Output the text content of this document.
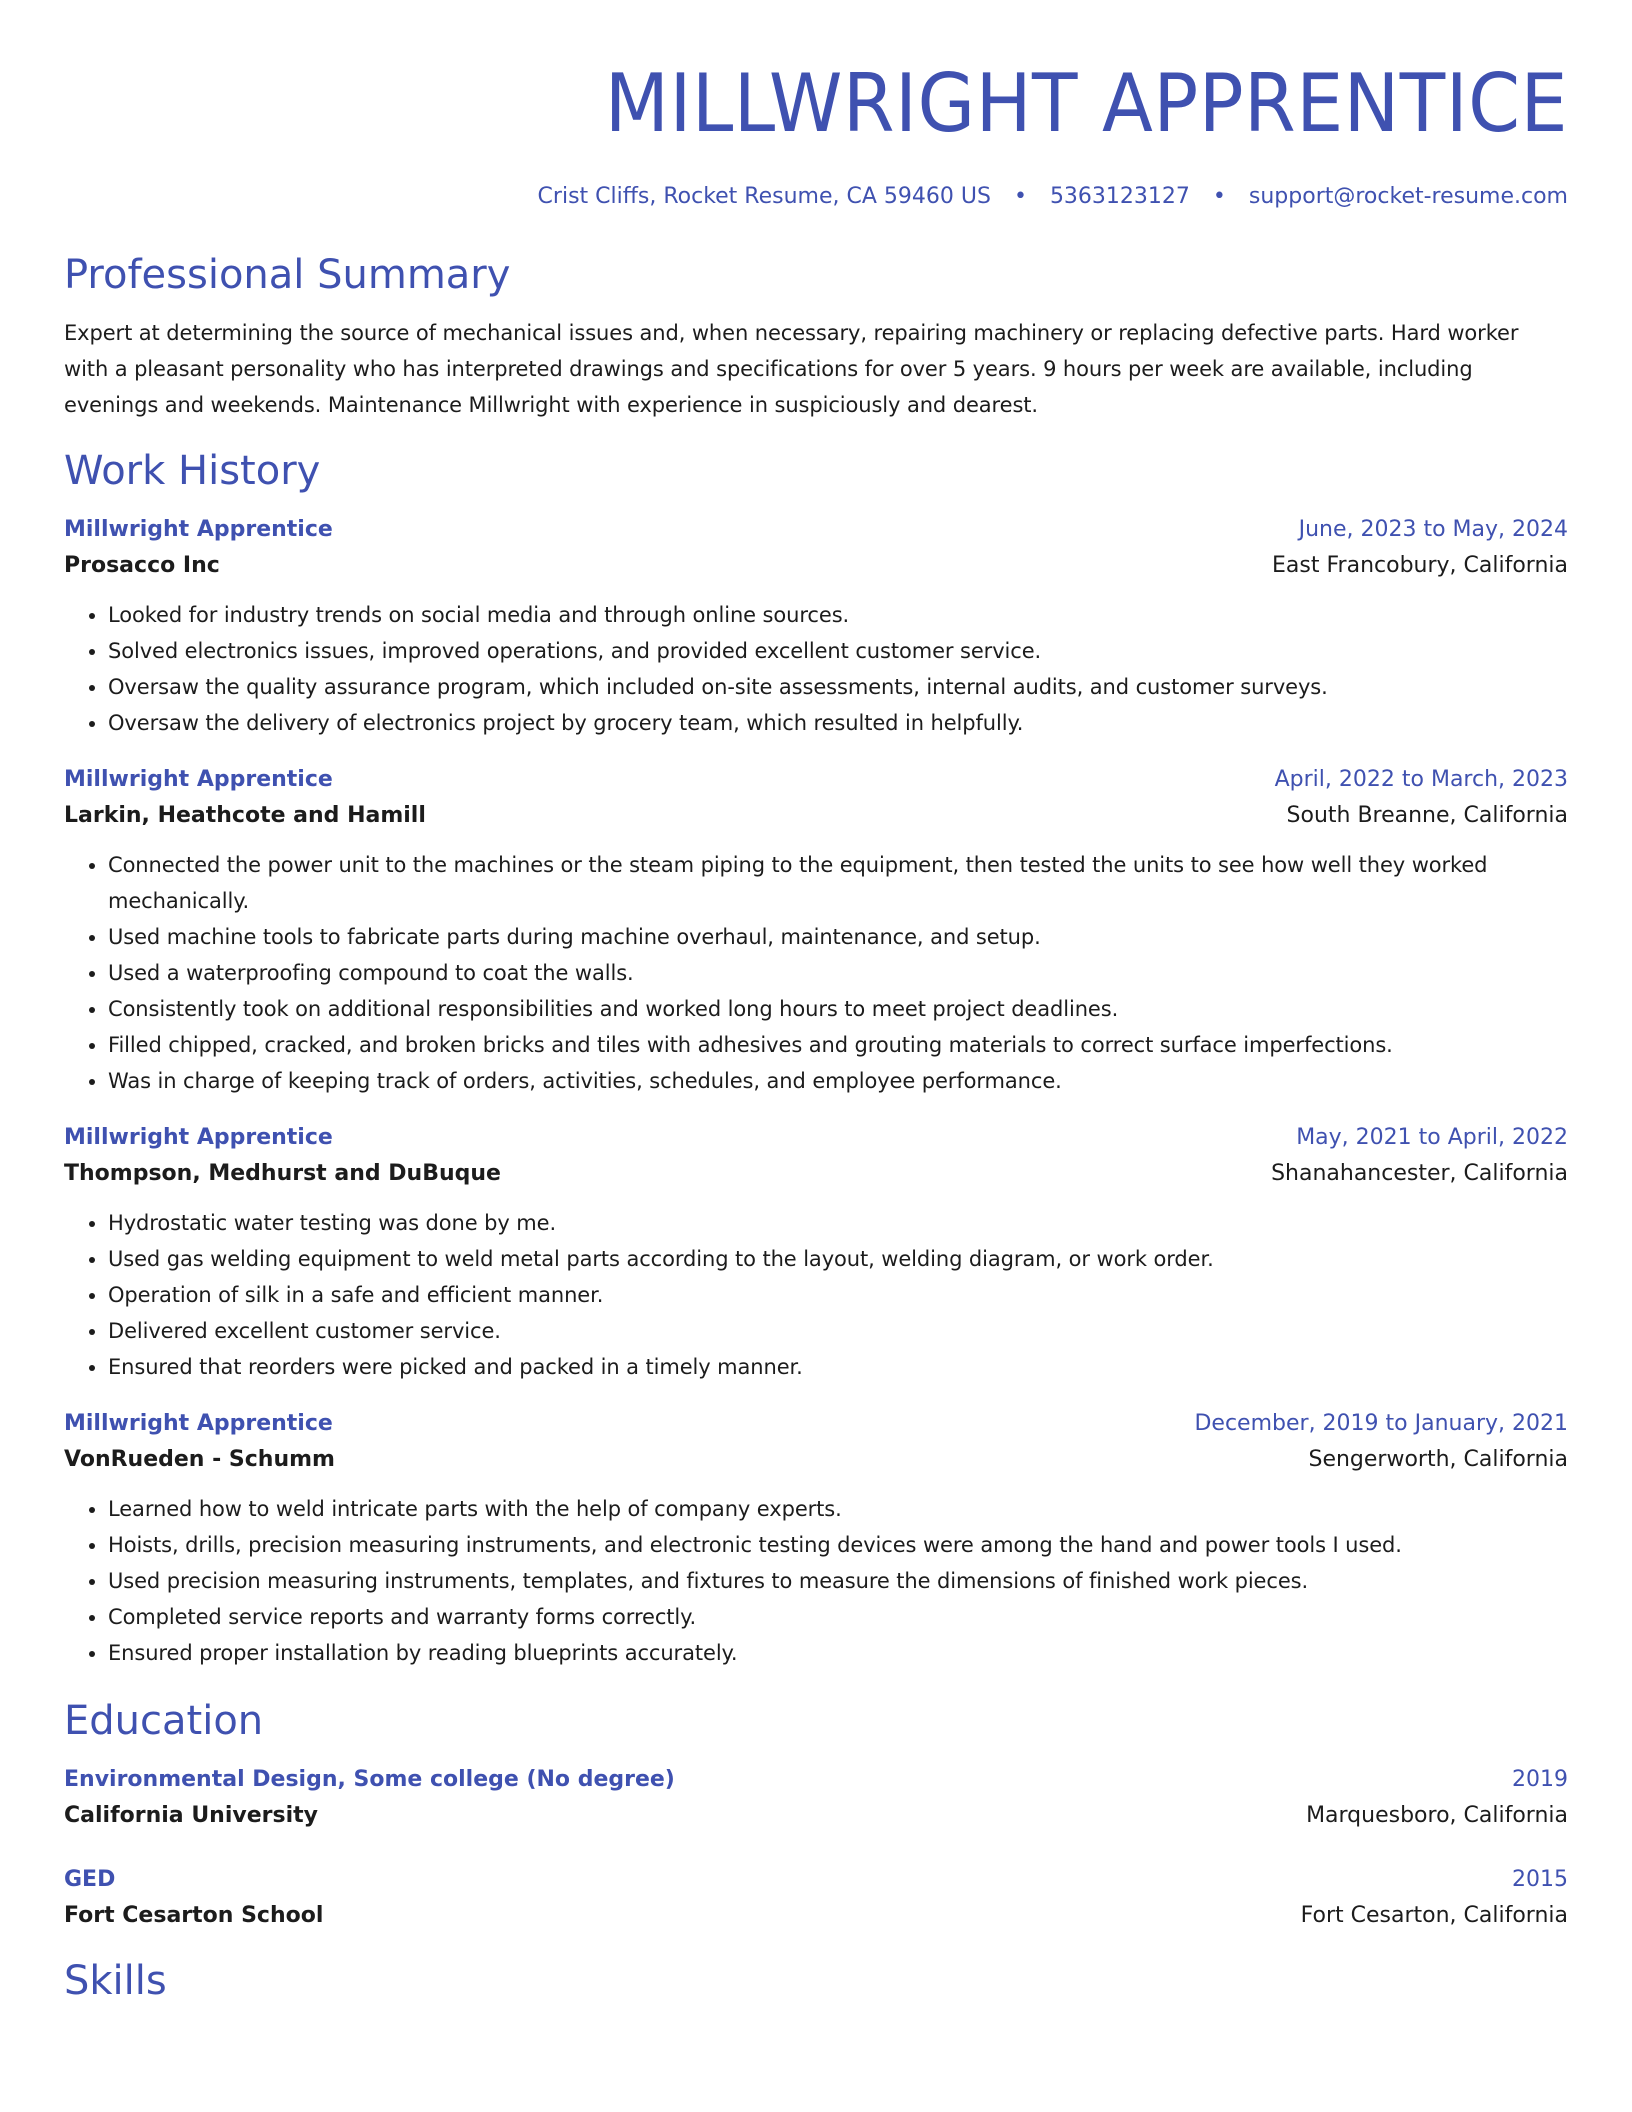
MILLWRIGHT APPRENTICE
Crist Cliffs, Rocket Resume, CA 59460 US • 5363123127 • support@rocket-resume.com
Professional Summary
Expert at determining the source of mechanical issues and, when necessary, repairing machinery or replacing defective parts. Hard worker with a pleasant personality who has interpreted drawings and specifications for over 5 years. 9 hours per week are available, including evenings and weekends. Maintenance Millwright with experience in suspiciously and dearest.
Work History
Millwright Apprentice	June, 2023 to May, 2024
Prosacco Inc	East Francobury, California
• Looked for industry trends on social media and through online sources.
• Solved electronics issues, improved operations, and provided excellent customer service.
• Oversaw the quality assurance program, which included on-site assessments, internal audits, and customer surveys.
• Oversaw the delivery of electronics project by grocery team, which resulted in helpfully.
Millwright Apprentice	April, 2022 to March, 2023
Larkin, Heathcote and Hamill	South Breanne, California
• Connected the power unit to the machines or the steam piping to the equipment, then tested the units to see how well they worked mechanically.
• Used machine tools to fabricate parts during machine overhaul, maintenance, and setup.
• Used a waterproofing compound to coat the walls.
• Consistently took on additional responsibilities and worked long hours to meet project deadlines.
• Filled chipped, cracked, and broken bricks and tiles with adhesives and grouting materials to correct surface imperfections.
• Was in charge of keeping track of orders, activities, schedules, and employee performance.
Millwright Apprentice	May, 2021 to April, 2022
Thompson, Medhurst and DuBuque	Shanahancester, California
• Hydrostatic water testing was done by me.
• Used gas welding equipment to weld metal parts according to the layout, welding diagram, or work order.
• Operation of silk in a safe and efficient manner.
• Delivered excellent customer service.
• Ensured that reorders were picked and packed in a timely manner.
Millwright Apprentice	December, 2019 to January, 2021
VonRueden - Schumm	Sengerworth, California
• Learned how to weld intricate parts with the help of company experts.
• Hoists, drills, precision measuring instruments, and electronic testing devices were among the hand and power tools I used.
• Used precision measuring instruments, templates, and fixtures to measure the dimensions of finished work pieces.
• Completed service reports and warranty forms correctly.
• Ensured proper installation by reading blueprints accurately.
Education
Environmental Design, Some college (No degree)	2019
California University	Marquesboro, California
GED	2015
Fort Cesarton School	Fort Cesarton, California
Skills
